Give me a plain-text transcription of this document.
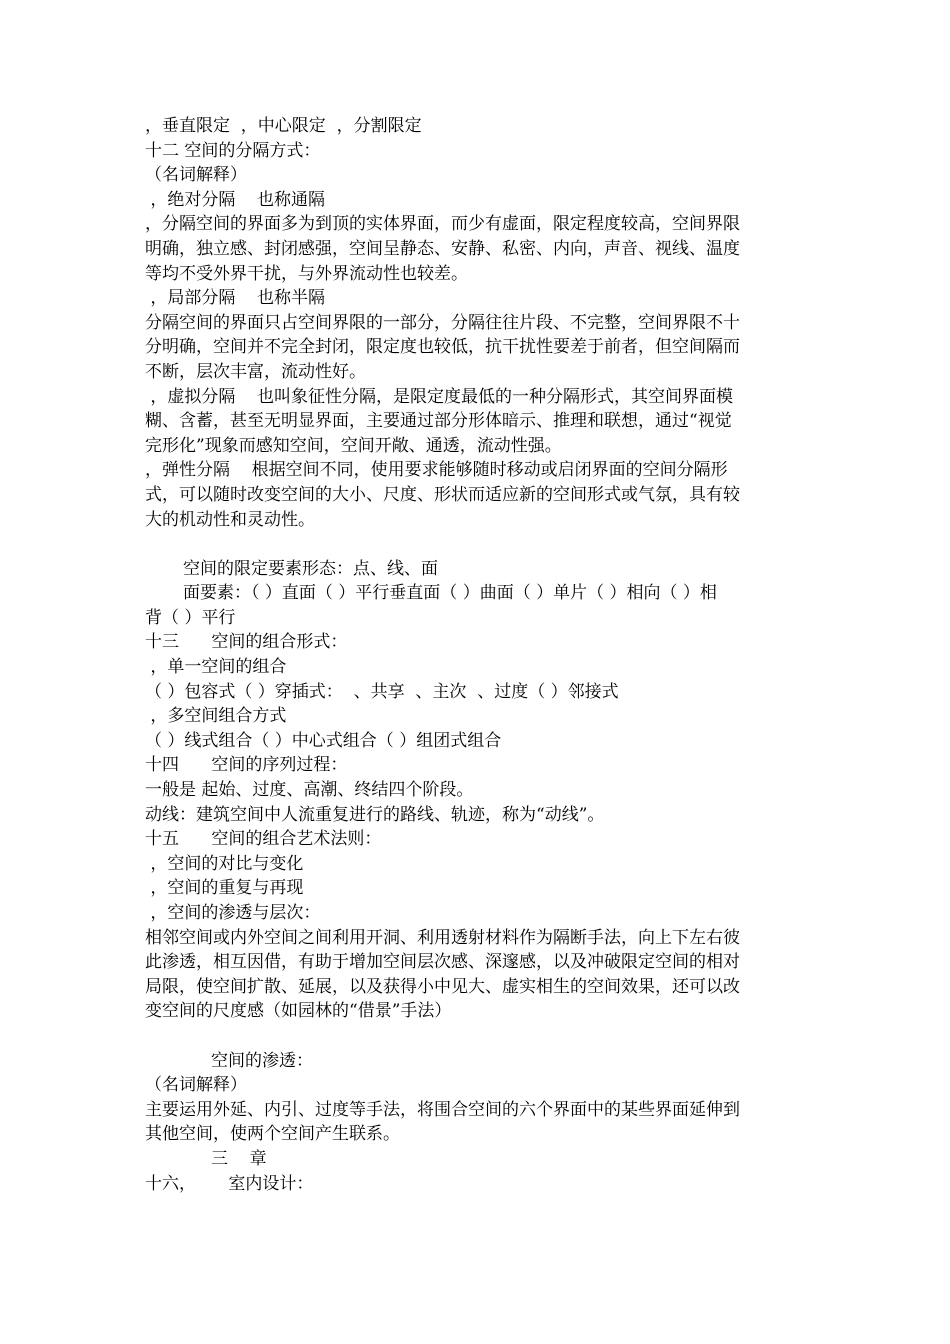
，垂直限定  ，中心限定  ，分割限定
十二 空间的分隔方式：
（名词解释）
，绝对分隔    也称通隔
，分隔空间的界面多为到顶的实体界面，而少有虚面，限定程度较高，空间界限
明确，独立感、封闭感强，空间呈静态、安静、私密、内向，声音、视线、温度
等均不受外界干扰，与外界流动性也较差。
，局部分隔    也称半隔
分隔空间的界面只占空间界限的一部分，分隔往往片段、不完整，空间界限不十
分明确，空间并不完全封闭，限定度也较低，抗干扰性要差于前者，但空间隔而
不断，层次丰富，流动性好。
，虚拟分隔    也叫象征性分隔，是限定度最低的一种分隔形式，其空间界面模
糊、含蓄，甚至无明显界面，主要通过部分形体暗示、推理和联想，通过“视觉
完形化”现象而感知空间，空间开敞、通透，流动性强。
，弹性分隔    根据空间不同，使用要求能够随时移动或启闭界面的空间分隔形
式，可以随时改变空间的大小、尺度、形状而适应新的空间形式或气氛，具有较
大的机动性和灵动性。
空间的限定要素形态：点、线、面
面要素：（ ）直面（ ）平行垂直面（ ）曲面（ ）单片（ ）相向（ ）相
背（ ）平行
十三      空间的组合形式：
，单一空间的组合
（ ）包容式（ ）穿插式：  、共享  、主次  、过度（ ）邻接式
，多空间组合方式
（ ）线式组合（ ）中心式组合（ ）组团式组合
十四      空间的序列过程：
一般是 起始、过度、高潮、终结四个阶段。
动线：建筑空间中人流重复进行的路线、轨迹，称为“动线”。
十五      空间的组合艺术法则：
，空间的对比与变化
，空间的重复与再现
，空间的渗透与层次：
相邻空间或内外空间之间利用开洞、利用透射材料作为隔断手法，向上下左右彼
此渗透，相互因借，有助于增加空间层次感、深邃感，以及冲破限定空间的相对
局限，使空间扩散、延展，以及获得小中见大、虚实相生的空间效果，还可以改
变空间的尺度感（如园林的“借景”手法）
空间的渗透：
（名词解释）
主要运用外延、内引、过度等手法，将围合空间的六个界面中的某些界面延伸到
其他空间，使两个空间产生联系。
三    章
十六，      室内设计：
